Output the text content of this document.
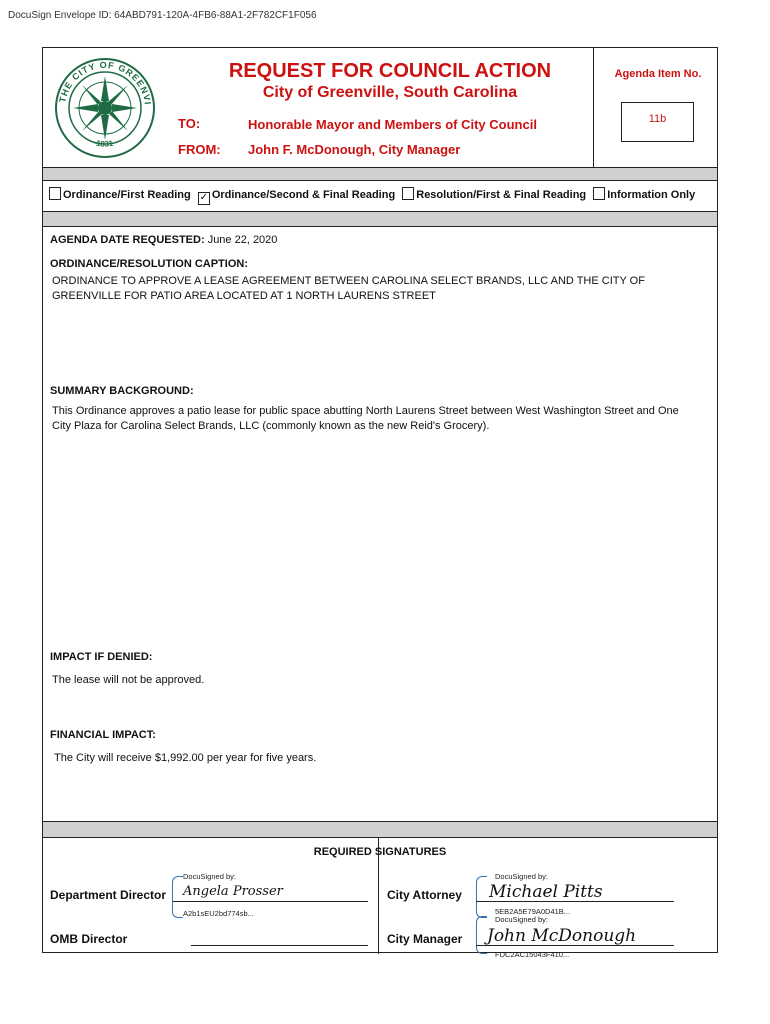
DocuSign Envelope ID: 64ABD791-120A-4FB6-88A1-2F782CF1F056
THE CITY OF GREENVI
1831
REQUEST FOR COUNCIL ACTION
City of Greenville, South Carolina
TO:	Honorable Mayor and Members of City Council
FROM: John F. McDonough, City Manager
Agenda Item No.
11b
Ordinance/First Reading ✓ Ordinance/Second & Final Reading Resolution/First & Final Reading Information Only
AGENDA DATE REQUESTED: June 22, 2020
ORDINANCE/RESOLUTION CAPTION:
ORDINANCE TO APPROVE A LEASE AGREEMENT BETWEEN CAROLINA SELECT BRANDS, LLC AND THE CITY OF
GREENVILLE FOR PATIO AREA LOCATED AT 1 NORTH LAURENS STREET
SUMMARY BACKGROUND:
This Ordinance approves a patio lease for public space abutting North Laurens Street between West Washington Street and One
City Plaza for Carolina Select Brands, LLC (commonly known as the new Reid's Grocery).
IMPACT IF DENIED:
The lease will not be approved.
FINANCIAL IMPACT:
The City will receive $1,992.00 per year for five years.
REQUIRED SIGNATURES
Department Director
DocuSigned by:
Angela Prosser
A2b1sEU2bd774sb...
City Attorney
DocuSigned by:
Michael Pitts
5EB2A5E79A0D41B...
OMB Director	City Manager
DocuSigned by:
John McDonough
FDC2AC15043F410...
